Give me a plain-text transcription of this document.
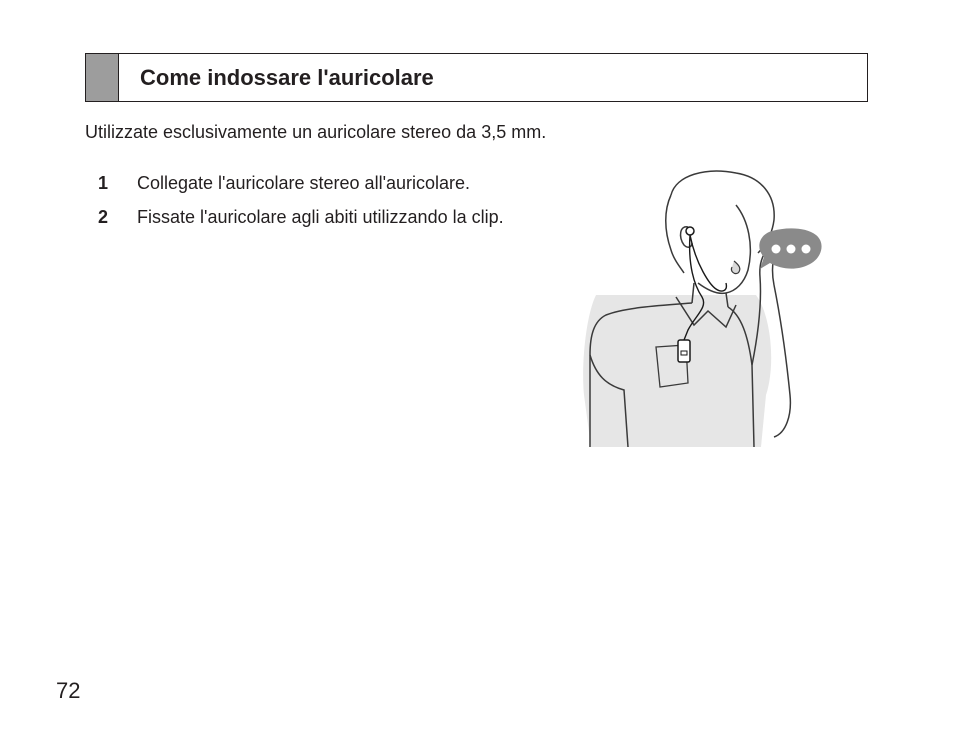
Come indossare l'auricolare
Utilizzate esclusivamente un auricolare stereo da 3,5 mm.
1	Collegate l'auricolare stereo all'auricolare.
2	Fissate l'auricolare agli abiti utilizzando la clip.
72
